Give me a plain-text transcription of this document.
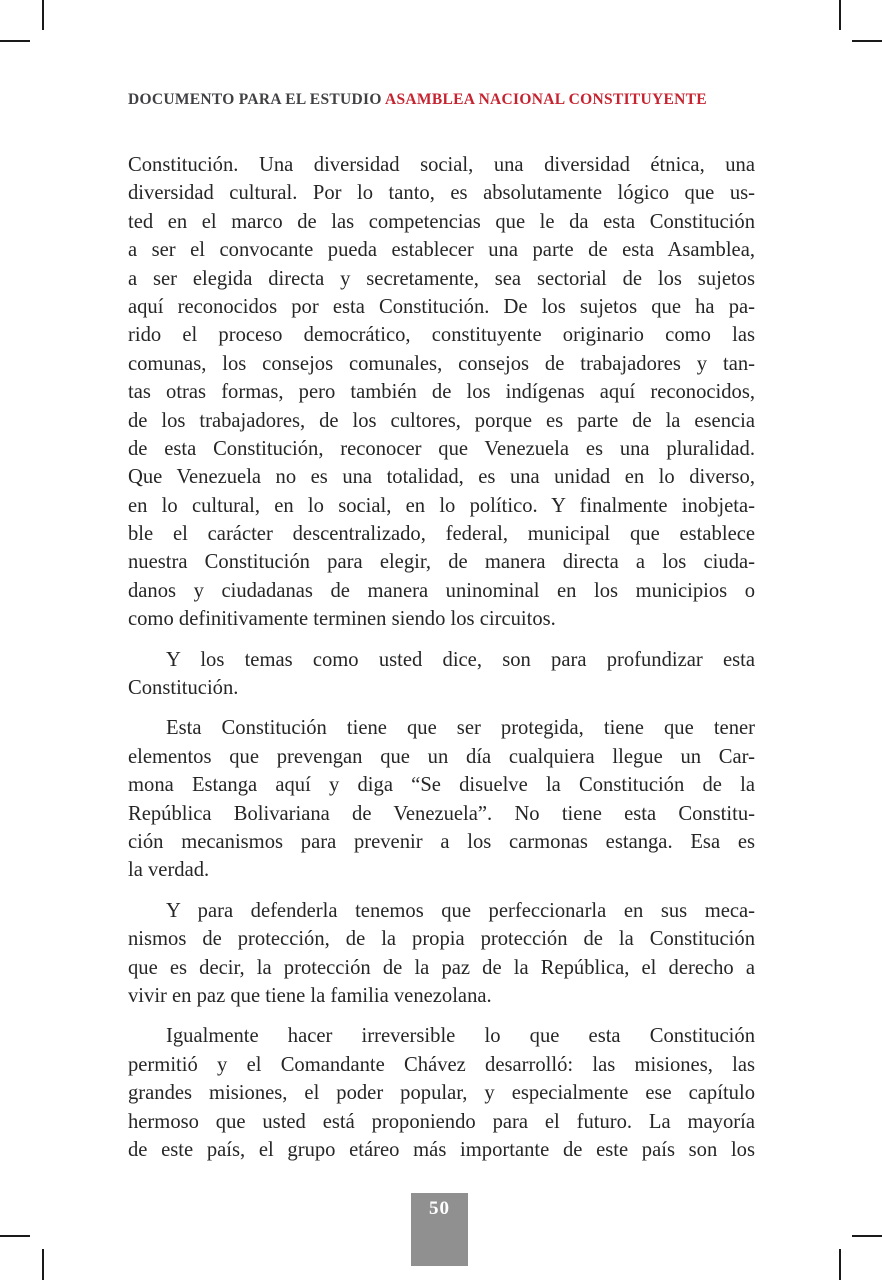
DOCUMENTO PARA EL ESTUDIO ASAMBLEA NACIONAL CONSTITUYENTE
Constitución. Una diversidad social, una diversidad étnica, una
diversidad cultural. Por lo tanto, es absolutamente lógico que us-
ted en el marco de las competencias que le da esta Constitución
a ser el convocante pueda establecer una parte de esta Asamblea,
a ser elegida directa y secretamente, sea sectorial de los sujetos
aquí reconocidos por esta Constitución. De los sujetos que ha pa-
rido el proceso democrático, constituyente originario como las
comunas, los consejos comunales, consejos de trabajadores y tan-
tas otras formas, pero también de los indígenas aquí reconocidos,
de los trabajadores, de los cultores, porque es parte de la esencia
de esta Constitución, reconocer que Venezuela es una pluralidad.
Que Venezuela no es una totalidad, es una unidad en lo diverso,
en lo cultural, en lo social, en lo político. Y finalmente inobjeta-
ble el carácter descentralizado, federal, municipal que establece
nuestra Constitución para elegir, de manera directa a los ciuda-
danos y ciudadanas de manera uninominal en los municipios o
como definitivamente terminen siendo los circuitos.
Y los temas como usted dice, son para profundizar esta
Constitución.
Esta Constitución tiene que ser protegida, tiene que tener
elementos que prevengan que un día cualquiera llegue un Car-
mona Estanga aquí y diga “Se disuelve la Constitución de la
República Bolivariana de Venezuela”. No tiene esta Constitu-
ción mecanismos para prevenir a los carmonas estanga. Esa es
la verdad.
Y para defenderla tenemos que perfeccionarla en sus meca-
nismos de protección, de la propia protección de la Constitución
que es decir, la protección de la paz de la República, el derecho a
vivir en paz que tiene la familia venezolana.
Igualmente hacer irreversible lo que esta Constitución
permitió y el Comandante Chávez desarrolló: las misiones, las
grandes misiones, el poder popular, y especialmente ese capítulo
hermoso que usted está proponiendo para el futuro. La mayoría
de este país, el grupo etáreo más importante de este país son los
50
